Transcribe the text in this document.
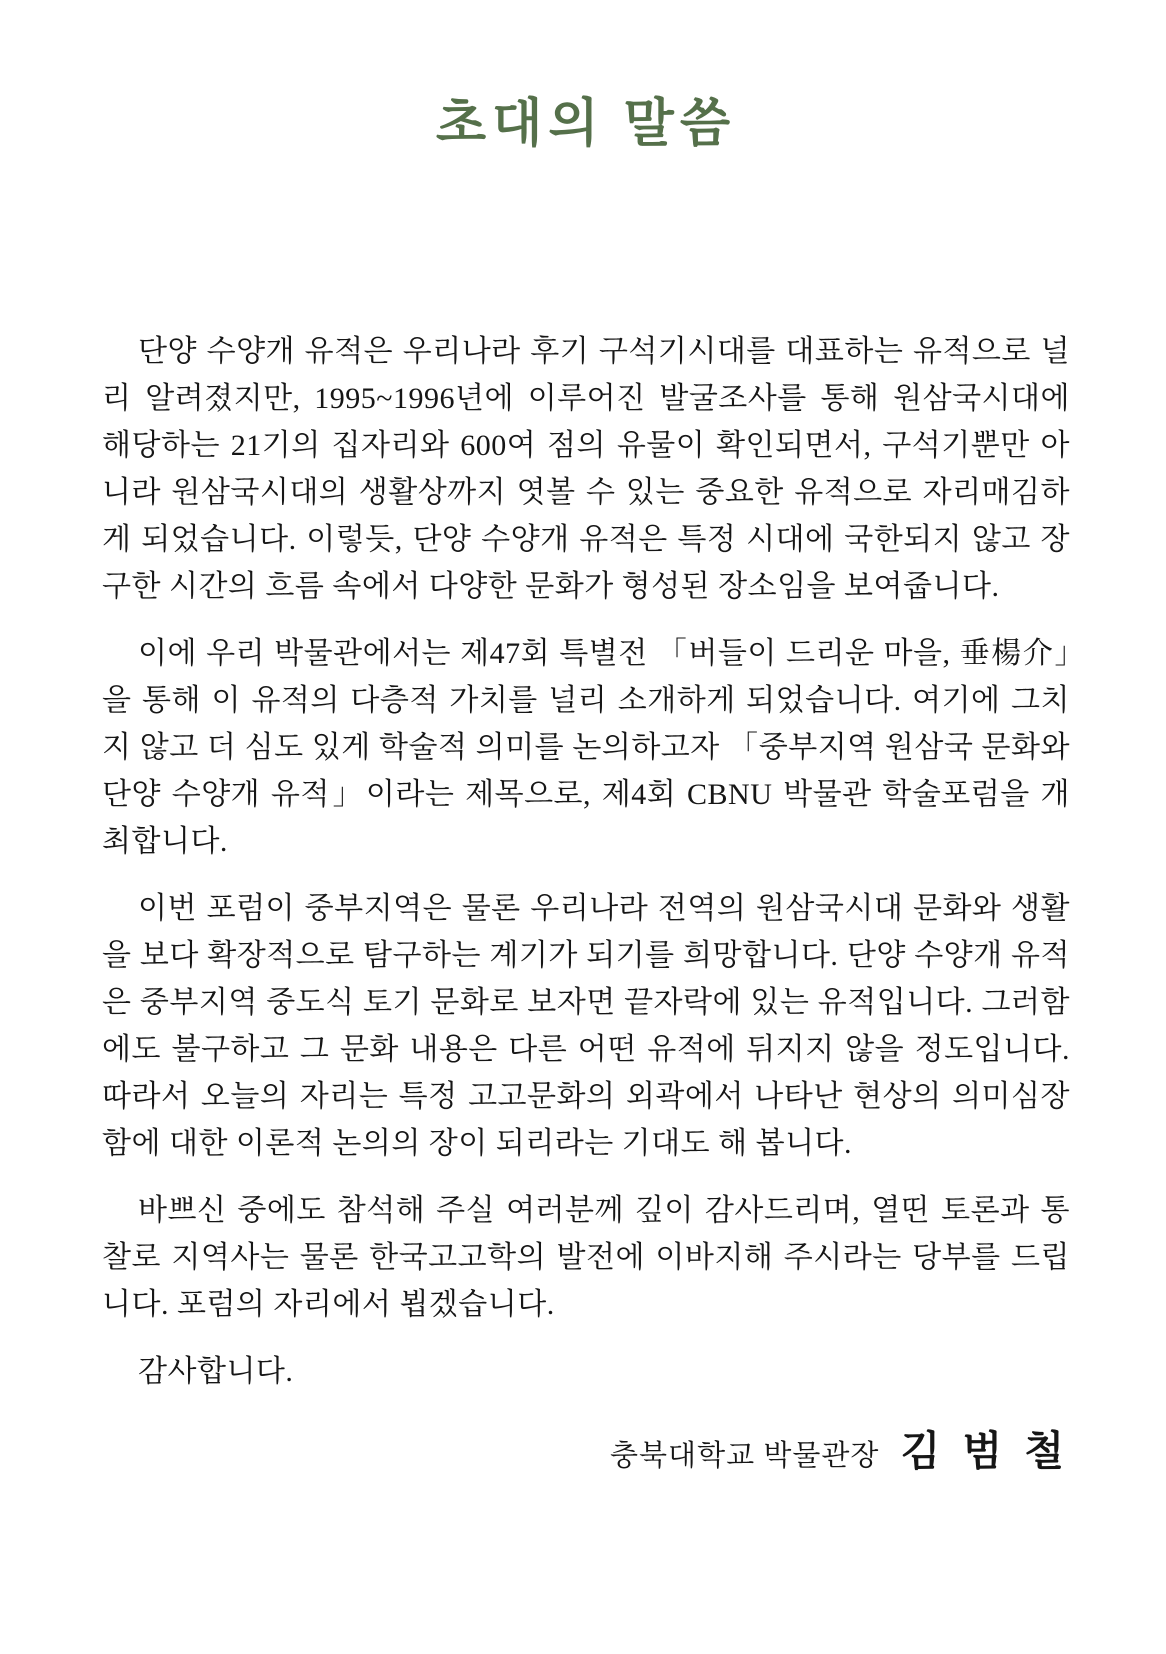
초대의 말씀

단양 수양개 유적은 우리나라 후기 구석기시대를 대표하는 유적으로 널리 알려졌지만, 1995~1996년에 이루어진 발굴조사를 통해 원삼국시대에 해당하는 21기의 집자리와 600여 점의 유물이 확인되면서, 구석기뿐만 아니라 원삼국시대의 생활상까지 엿볼 수 있는 중요한 유적으로 자리매김하게 되었습니다. 이렇듯, 단양 수양개 유적은 특정 시대에 국한되지 않고 장구한 시간의 흐름 속에서 다양한 문화가 형성된 장소임을 보여줍니다.

이에 우리 박물관에서는 제47회 특별전 「버들이 드리운 마을, 垂楊介」을 통해 이 유적의 다층적 가치를 널리 소개하게 되었습니다. 여기에 그치지 않고 더 심도 있게 학술적 의미를 논의하고자 「중부지역 원삼국 문화와 단양 수양개 유적」이라는 제목으로, 제4회 CBNU 박물관 학술포럼을 개최합니다.

이번 포럼이 중부지역은 물론 우리나라 전역의 원삼국시대 문화와 생활을 보다 확장적으로 탐구하는 계기가 되기를 희망합니다. 단양 수양개 유적은 중부지역 중도식 토기 문화로 보자면 끝자락에 있는 유적입니다. 그러함에도 불구하고 그 문화 내용은 다른 어떤 유적에 뒤지지 않을 정도입니다. 따라서 오늘의 자리는 특정 고고문화의 외곽에서 나타난 현상의 의미심장함에 대한 이론적 논의의 장이 되리라는 기대도 해 봅니다.

바쁘신 중에도 참석해 주실 여러분께 깊이 감사드리며, 열띤 토론과 통찰로 지역사는 물론 한국고고학의 발전에 이바지해 주시라는 당부를 드립니다. 포럼의 자리에서 뵙겠습니다.

감사합니다.

충북대학교 박물관장 김 범 철
